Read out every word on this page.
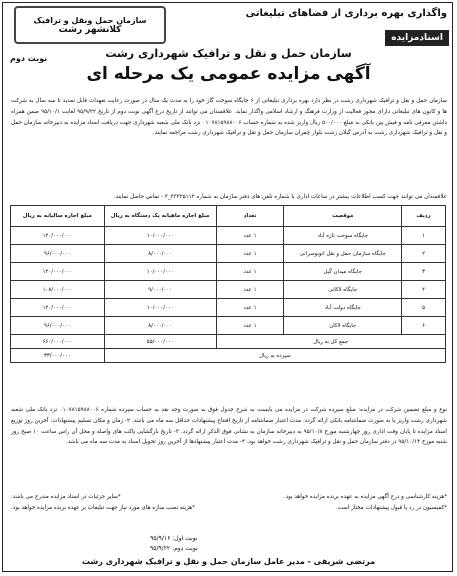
واگذاری بهره برداری از فضاهای تبلیغاتی
اسنادمزایده
سازمان حمل ونقل و ترافیک
کلانشهر رشت
نوبت دوم	سازمان حمل و نقل و ترافیک شهرداری رشت
آگهی مزایده عمومی یک مرحله ای
سازمان حمل و نقل و ترافیک شهرداری رشت در نظر دارد بهره برداری تبلیغاتی از ۶ جایگاه سوخت گاز خود را به مدت یک سال در صورت رعایت تعهدات قابل تمدید تا سه سال به شرکت ها و کانون های تبلیغاتی دارای مجوز فعالیت از وزارت فرهنگ و ارشاد اسلامی واگذار نماید. علاقمندان می توانند از تاریخ درج آگهی نوبت دوم از تاریخ ۹۵/۹/۲۲ لغایت ۹۵/۱۰/۱ ضمن همراه داشتن معرفی نامه و فیش بین بانکی به مبلغ ۵۰۰/۰۰۰ ریال واریز شده به شماره حساب ۰۱۰۷۸۱۵۹۸۸۰۰۶ نزد بانک ملی شعبه شهرداری جهت دریافت اسناد مزایده به دبیرخانه سازمان حمل و نقل و ترافیک شهرداری رشت به آدرس گیلان رشت بلوار چمران سازمان حمل و نقل و ترافیک شهرداری رشت مراجعه نمایند.
علاقمندان می توانند جهت کسب اطلاعات بیشتر در ساعات اداری با شماره تلفن های دفتر سازمان به شماره ۳۳۳۲۵۱۱۲_۳ - تماس حاصل نمایند.
ردیف	موقعیت	تعداد	مبلغ اجاره ماهیانه یک دستگاه به ریال	مبلغ اجاره سالیانه به ریال
۱	جایگاه سوخت تازه آباد	۱ عدد	۱۰/۰۰۰/۰۰۰	۱۲۰/۰۰۰/۰۰۰
۲	جایگاه سازمان حمل و نقل اتوبوسرانی	۱ عدد	۸/۰۰۰/۰۰۰	۹۶/۰۰۰/۰۰۰
۳	جایگاه میدان گیل	۱ عدد	۱۰/۰۰۰/۰۰۰	۱۲۰/۰۰۰/۰۰۰
۴	جایگاه لاکانی	۱ عدد	۹/۰۰۰/۰۰۰	۱۰۸/۰۰۰/۰۰۰
۵	جایگاه دولت آباد	۱ عدد	۱۰/۰۰۰/۰۰۰	۱۲۰/۰۰۰/۰۰۰
۶	جایگاه لاکان	۱ عدد	۸/۰۰۰/۰۰۰	۹۶/۰۰۰/۰۰۰
جمع کل به ریال			۵۵/۰۰۰/۰۰۰	۶۶۰/۰۰۰/۰۰۰
سپرده به ریال				۳۳/۰۰۰/۰۰۰
نوع و مبلغ تضمین شرکت در مزایده: مبلغ سپرده شرکت در مزایده می بایست به شرح جدول فوق به صورت وجه نقد به حساب سپرده شماره ۰۱۰۷۸۱۵۹۸۸۰۰۶ نزد بانک ملی شعبه شهرداری رشت واریز یا به صورت ضمانتنامه بانکی ارائه گردد. مدت اعتبار ضمانتنامه از تاریخ افتتاح پیشنهادات حداقل سه ماه می باشد. ۲- زمان و مکان تسلیم پیشنهادات: آخرین روز توزیع اسناد مزایده تا پایان وقت اداری روز چهارشنبه مورخ ۹۵/۱۰/۸ به دبیرخانه سازمان به نشانی فوق الذکر ارائه گردد. ۳- تاریخ بازگشایی پاکت های واصله و محل آن راس ساعت ۱۰ صبح روز شنبه مورخ ۹۵/۱۰/۱۴ در دفتر سازمان حمل و نقل و ترافیک شهرداری رشت خواهد بود. ۴- مدت اعتبار پیشنهادها از آخرین روز تحویل اسناد به مدت سه ماه می باشد.
*هزینه کارشناسی و درج آگهی مزایده به عهده برنده مزایده خواهد بود.
*سایر جزئیات در اسناد مزایده مندرج می باشد.
*کمیسیون در رد یا قبول پیشنهادات مختار است.
*هزینه نصب سازه های مورد نیاز جهت تبلیغات بر عهده برنده مزایده خواهد بود.
نوبت اول: ۹۵/۹/۱۶
نوبت دوم: ۹۵/۹/۲۲
مرتضی شریفی - مدیر عامل سازمان حمل و نقل و ترافیک شهرداری رشت
